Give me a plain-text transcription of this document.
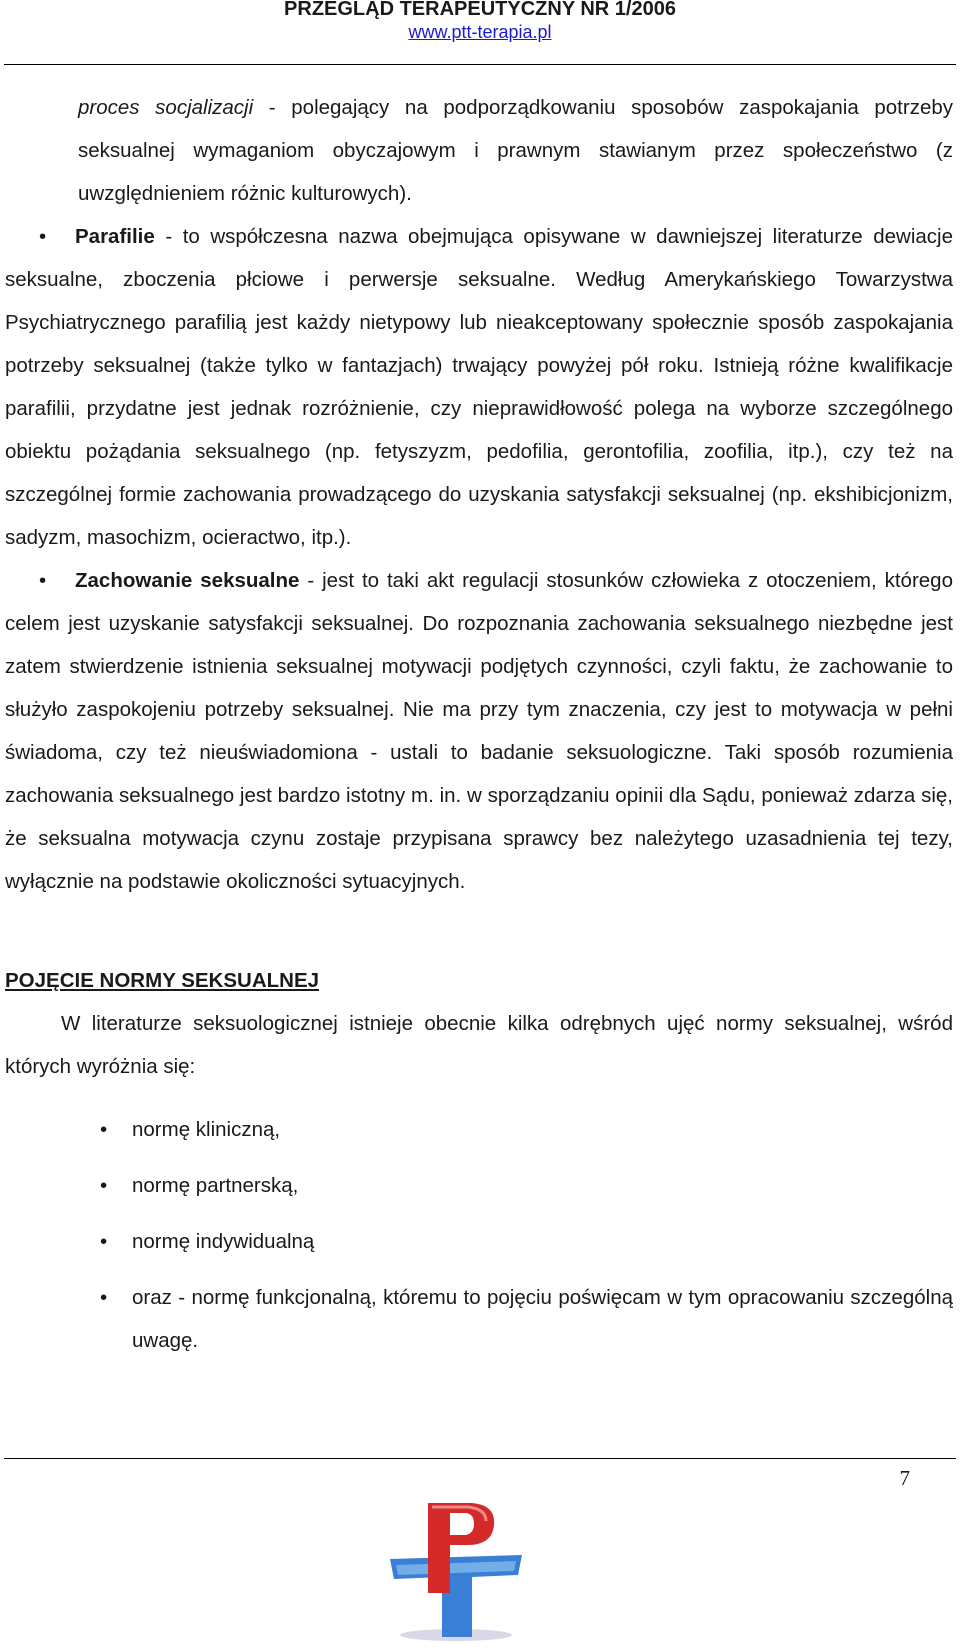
PRZEGLĄD TERAPEUTYCZNY NR 1/2006
www.ptt-terapia.pl

proces socjalizacji - polegający na podporządkowaniu sposobów zaspokajania potrzeby seksualnej wymaganiom obyczajowym i prawnym stawianym przez społeczeństwo (z uwzględnieniem różnic kulturowych).

• Parafilie - to współczesna nazwa obejmująca opisywane w dawniejszej literaturze dewiacje seksualne, zboczenia płciowe i perwersje seksualne. Według Amerykańskiego Towarzystwa Psychiatrycznego parafilią jest każdy nietypowy lub nieakceptowany społecznie sposób zaspokajania potrzeby seksualnej (także tylko w fantazjach) trwający powyżej pół roku. Istnieją różne kwalifikacje parafilii, przydatne jest jednak rozróżnienie, czy nieprawidłowość polega na wyborze szczególnego obiektu pożądania seksualnego (np. fetyszyzm, pedofilia, gerontofilia, zoofilia, itp.), czy też na szczególnej formie zachowania prowadzącego do uzyskania satysfakcji seksualnej (np. ekshibicjonizm, sadyzm, masochizm, ocieractwo, itp.).

• Zachowanie seksualne - jest to taki akt regulacji stosunków człowieka z otoczeniem, którego celem jest uzyskanie satysfakcji seksualnej. Do rozpoznania zachowania seksualnego niezbędne jest zatem stwierdzenie istnienia seksualnej motywacji podjętych czynności, czyli faktu, że zachowanie to służyło zaspokojeniu potrzeby seksualnej. Nie ma przy tym znaczenia, czy jest to motywacja w pełni świadoma, czy też nieuświadomiona - ustali to badanie seksuologiczne. Taki sposób rozumienia zachowania seksualnego jest bardzo istotny m. in. w sporządzaniu opinii dla Sądu, ponieważ zdarza się, że seksualna motywacja czynu zostaje przypisana sprawcy bez należytego uzasadnienia tej tezy, wyłącznie na podstawie okoliczności sytuacyjnych.

POJĘCIE NORMY SEKSUALNEJ

W literaturze seksuologicznej istnieje obecnie kilka odrębnych ujęć normy seksualnej, wśród których wyróżnia się:

• normę kliniczną,
• normę partnerską,
• normę indywidualną
• oraz - normę funkcjonalną, któremu to pojęciu poświęcam w tym opracowaniu szczególną uwagę.
7
